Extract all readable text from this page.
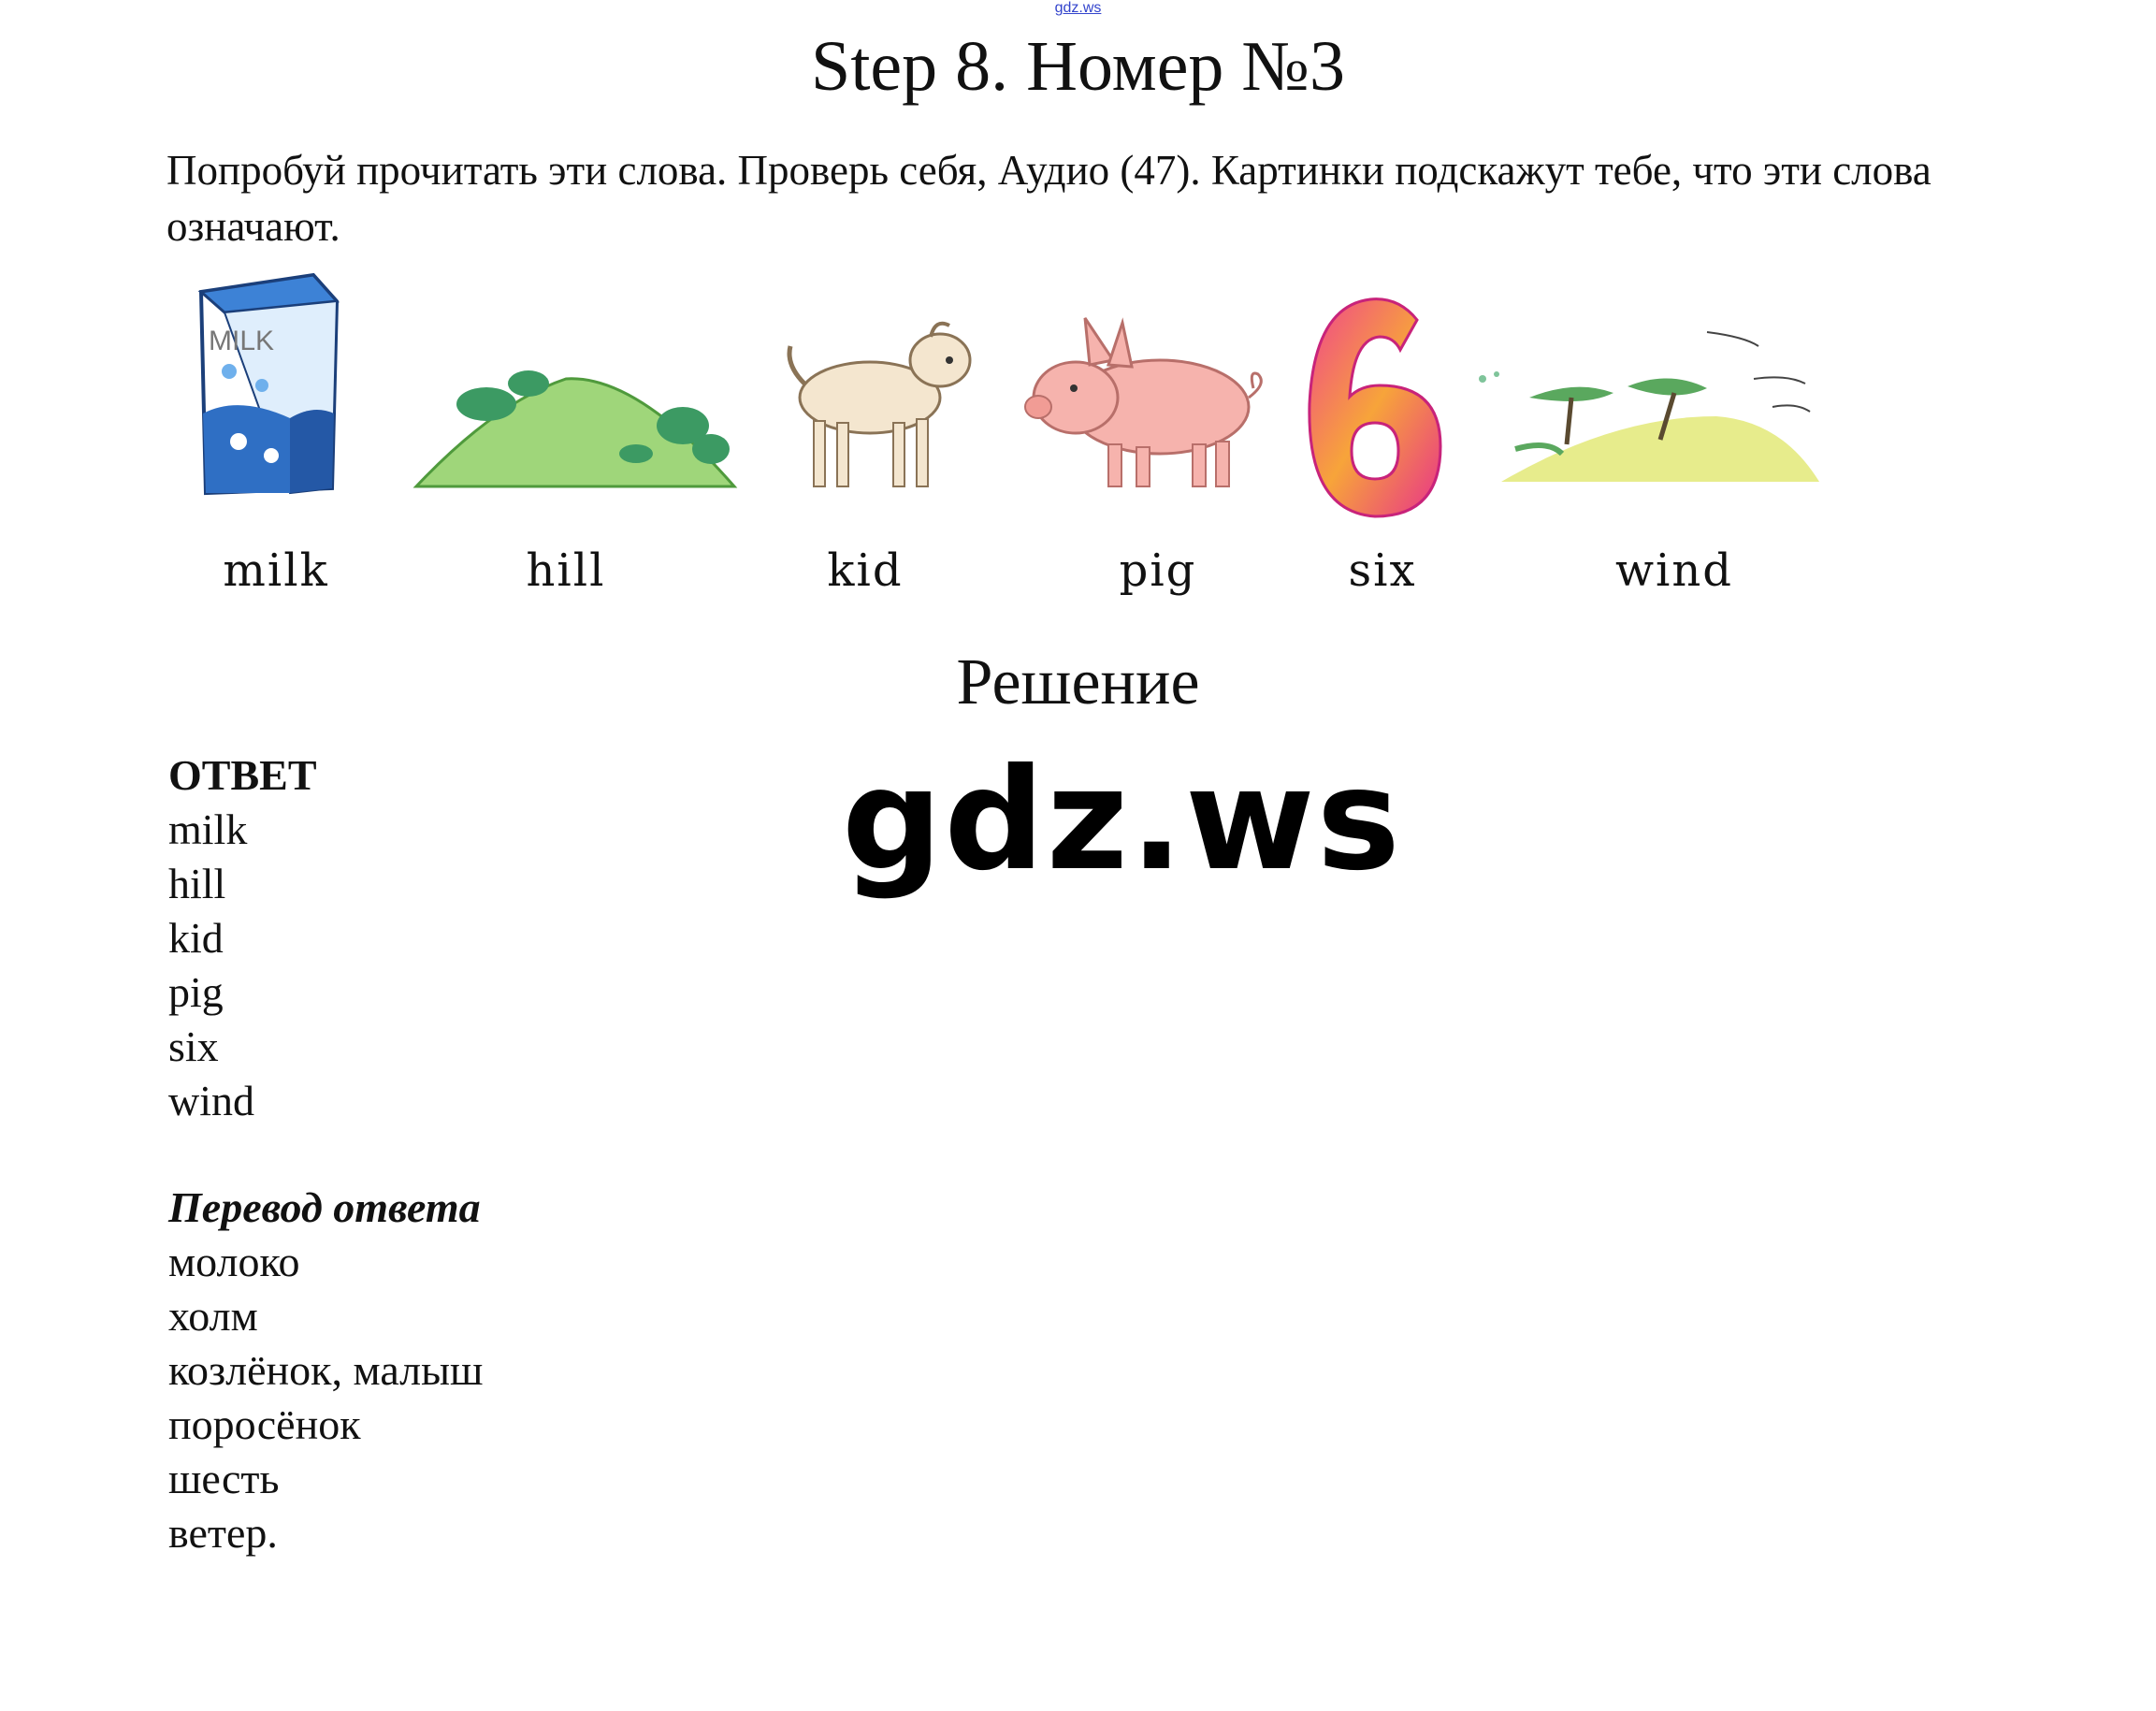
gdz.ws
Step 8. Номер №3
Попробуй прочитать эти слова. Проверь себя, Аудио (47). Картинки подскажут тебе, что эти слова означают.
MILK
milk	hill	kid	pig	six	wind
Решение
gdz.ws
ОТВЕТ
milk
hill
kid
pig
six
wind
Перевод ответа
молоко
холм
козлёнок, малыш
поросёнок
шесть
ветер.
